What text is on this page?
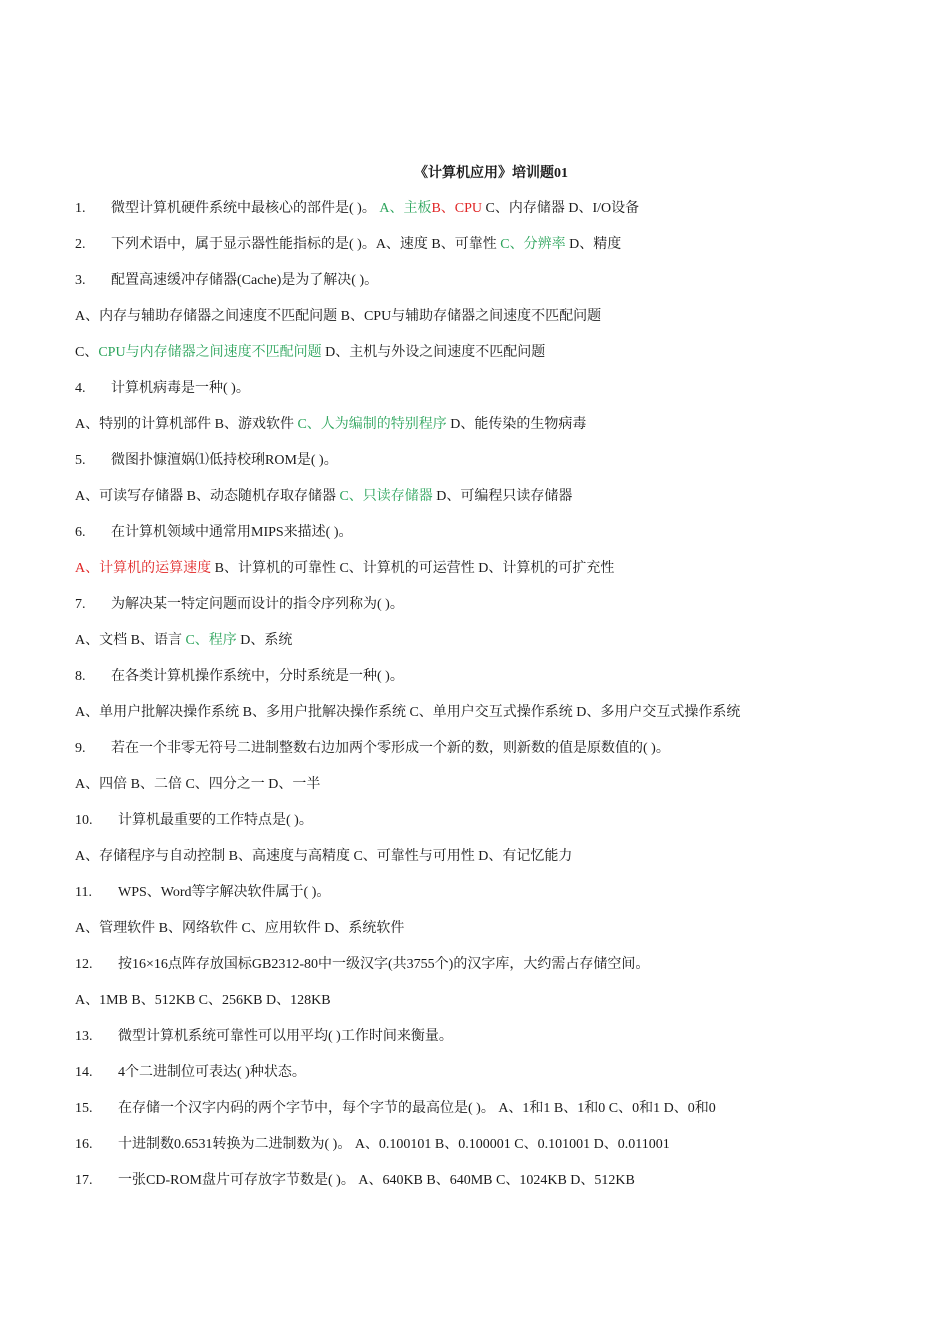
《计算机应用》培训题01
1. 微型计算机硬件系统中最核心的部件是( )。 A、主板B、CPU C、内存储器 D、I/O设备
2. 下列术语中，属于显示器性能指标的是( )。A、速度 B、可靠性 C、分辨率 D、精度
3. 配置高速缓冲存储器(Cache)是为了解决( )。
A、内存与辅助存储器之间速度不匹配问题 B、CPU与辅助存储器之间速度不匹配问题
C、CPU与内存储器之间速度不匹配问题 D、主机与外设之间速度不匹配问题
4. 计算机病毒是一种( )。
A、特别的计算机部件 B、游戏软件 C、人为编制的特别程序 D、能传染的生物病毒
5. 微图扑慷澶娲⑴低持校琍ROM是( )。
A、可读写存储器 B、动态随机存取存储器 C、只读存储器 D、可编程只读存储器
6. 在计算机领域中通常用MIPS来描述( )。
A、计算机的运算速度 B、计算机的可靠性 C、计算机的可运营性 D、计算机的可扩充性
7. 为解决某一特定问题而设计的指令序列称为( )。
A、文档 B、语言 C、程序 D、系统
8. 在各类计算机操作系统中，分时系统是一种( )。
A、单用户批解决操作系统 B、多用户批解决操作系统 C、单用户交互式操作系统 D、多用户交互式操作系统
9. 若在一个非零无符号二进制整数右边加两个零形成一个新的数，则新数的值是原数值的( )。
A、四倍 B、二倍 C、四分之一 D、一半
10. 计算机最重要的工作特点是( )。
A、存储程序与自动控制 B、高速度与高精度 C、可靠性与可用性 D、有记忆能力
11. WPS、Word等字解决软件属于( )。
A、管理软件 B、网络软件 C、应用软件 D、系统软件
12. 按16×16点阵存放国标GB2312-80中一级汉字(共3755个)的汉字库，大约需占存储空间。
A、1MB B、512KB C、256KB D、128KB
13. 微型计算机系统可靠性可以用平均( )工作时间来衡量。
14. 4个二进制位可表达( )种状态。
15. 在存储一个汉字内码的两个字节中，每个字节的最高位是( )。 A、1和1 B、1和0 C、0和1 D、0和0
16. 十进制数0.6531转换为二进制数为( )。 A、0.100101 B、0.100001 C、0.101001 D、0.011001
17. 一张CD-ROM盘片可存放字节数是( )。 A、640KB B、640MB C、1024KB D、512KB
